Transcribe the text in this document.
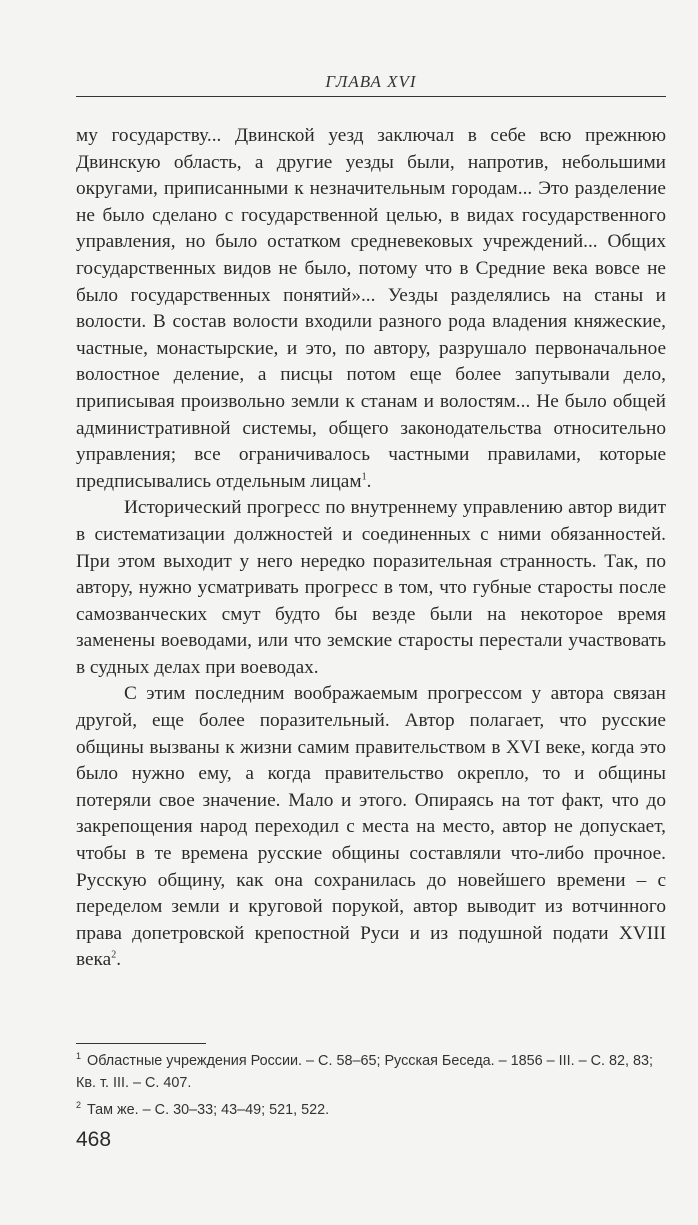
ГЛАВА XVI

му государству... Двинской уезд заключал в себе всю прежнюю Двинскую область, а другие уезды были, напротив, небольшими округами, приписанными к незначительным городам... Это разделение не было сделано с государственной целью, в видах государственного управления, но было остатком средневековых учреждений... Общих государственных видов не было, потому что в Средние века вовсе не было государственных понятий»... Уезды разделялись на станы и волости. В состав волости входили разного рода владения княжеские, частные, монастырские, и это, по автору, разрушало первоначальное волостное деление, а писцы потом еще более запутывали дело, приписывая произвольно земли к станам и волостям... Не было общей административной системы, общего законодательства относительно управления; все ограничивалось частными правилами, которые предписывались отдельным лицам$^1$.

Исторический прогресс по внутреннему управлению автор видит в систематизации должностей и соединенных с ними обязанностей. При этом выходит у него нередко поразительная странность. Так, по автору, нужно усматривать прогресс в том, что губные старосты после самозванческих смут будто бы везде были на некоторое время заменены воеводами, или что земские старосты перестали участвовать в судных делах при воеводах.

С этим последним воображаемым прогрессом у автора связан другой, еще более поразительный. Автор полагает, что русские общины вызваны к жизни самим правительством в XVI веке, когда это было нужно ему, а когда правительство окрепло, то и общины потеряли свое значение. Мало и этого. Опираясь на тот факт, что до закрепощения народ переходил с места на место, автор не допускает, чтобы в те времена русские общины составляли что-либо прочное. Русскую общину, как она сохранилась до новейшего времени – с переделом земли и круговой порукой, автор выводит из вотчинного права допетровской крепостной Руси и из подушной подати XVIII века$^2$.

$^1$ Областные учреждения России. – С. 58–65; Русская Беседа. – 1856 – III. – С. 82, 83; Кв. т. III. – С. 407.

$^2$ Там же. – С. 30–33; 43–49; 521, 522.

468
